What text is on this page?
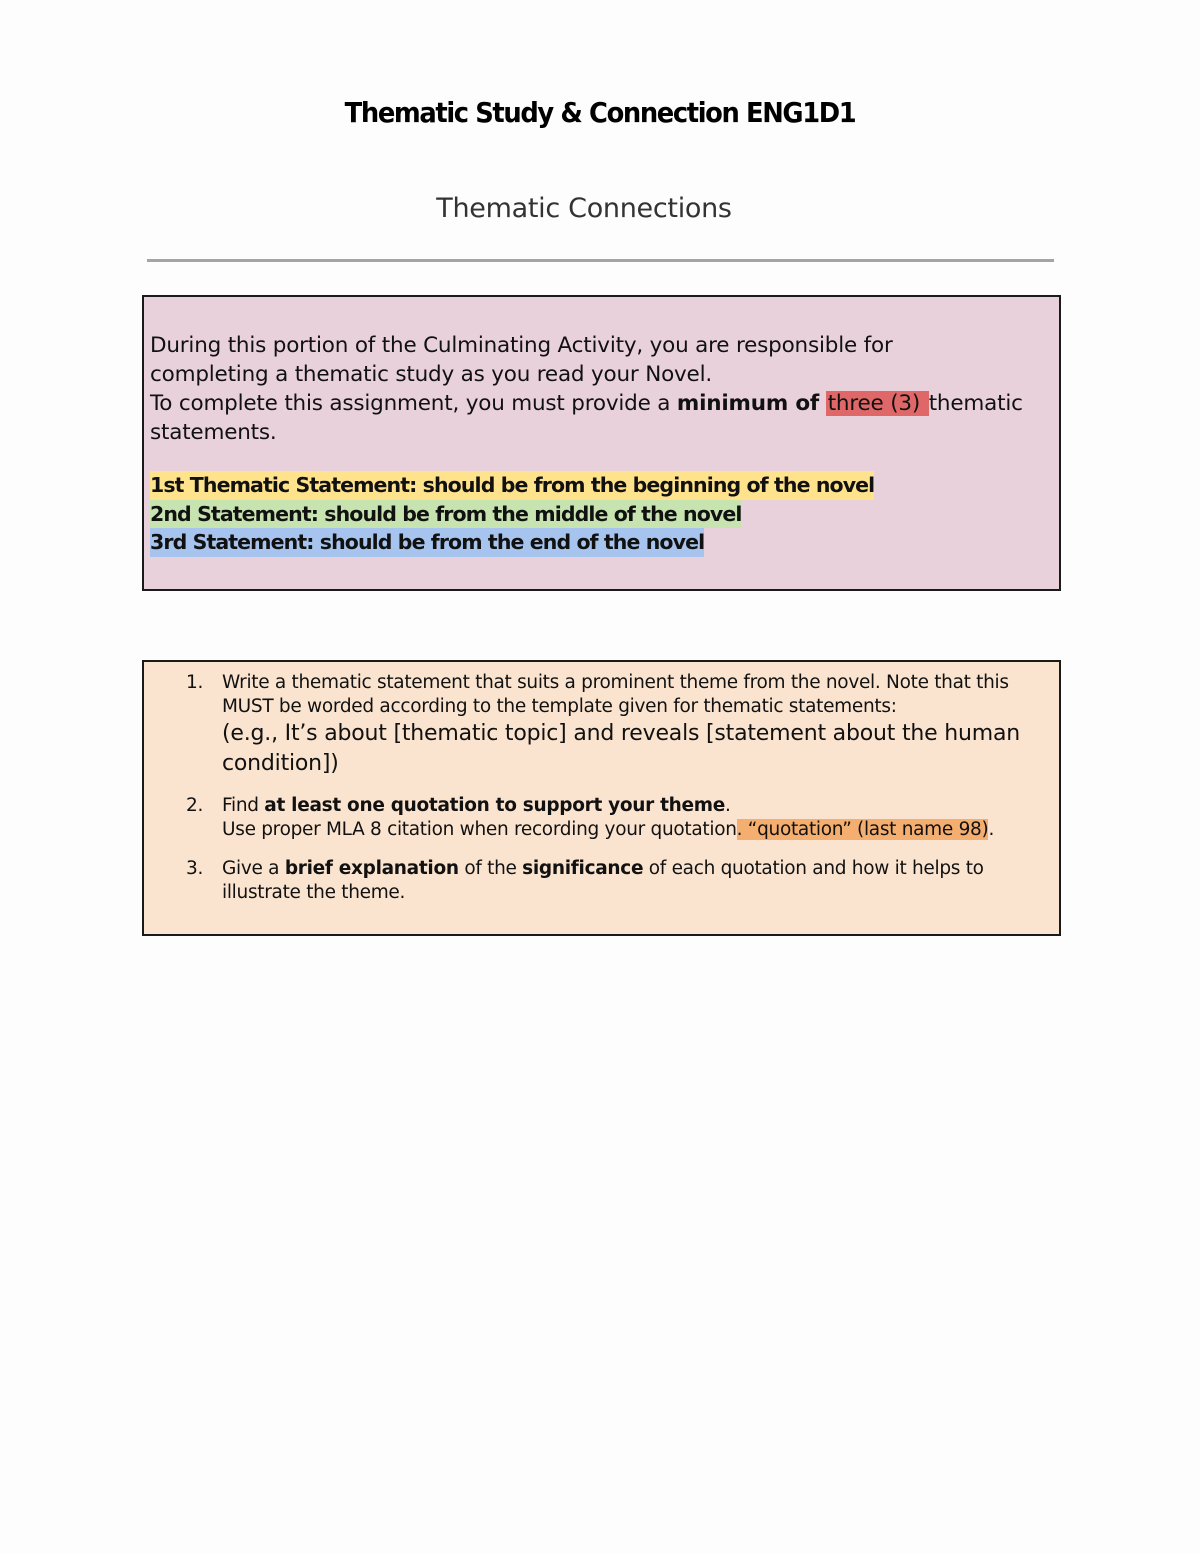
Thematic Study & Connection ENG1D1
Thematic Connections
During this portion of the Culminating Activity, you are responsible for
completing a thematic study as you read your Novel.
To complete this assignment, you must provide a minimum of three (3) thematic
statements.
1st Thematic Statement: should be from the beginning of the novel
2nd Statement: should be from the middle of the novel
3rd Statement: should be from the end of the novel
1. Write a thematic statement that suits a prominent theme from the novel. Note that this
MUST be worded according to the template given for thematic statements:
(e.g., It’s about [thematic topic] and reveals [statement about the human
condition])
2. Find at least one quotation to support your theme.
Use proper MLA 8 citation when recording your quotation. “quotation” (last name 98).
3. Give a brief explanation of the significance of each quotation and how it helps to
illustrate the theme.
